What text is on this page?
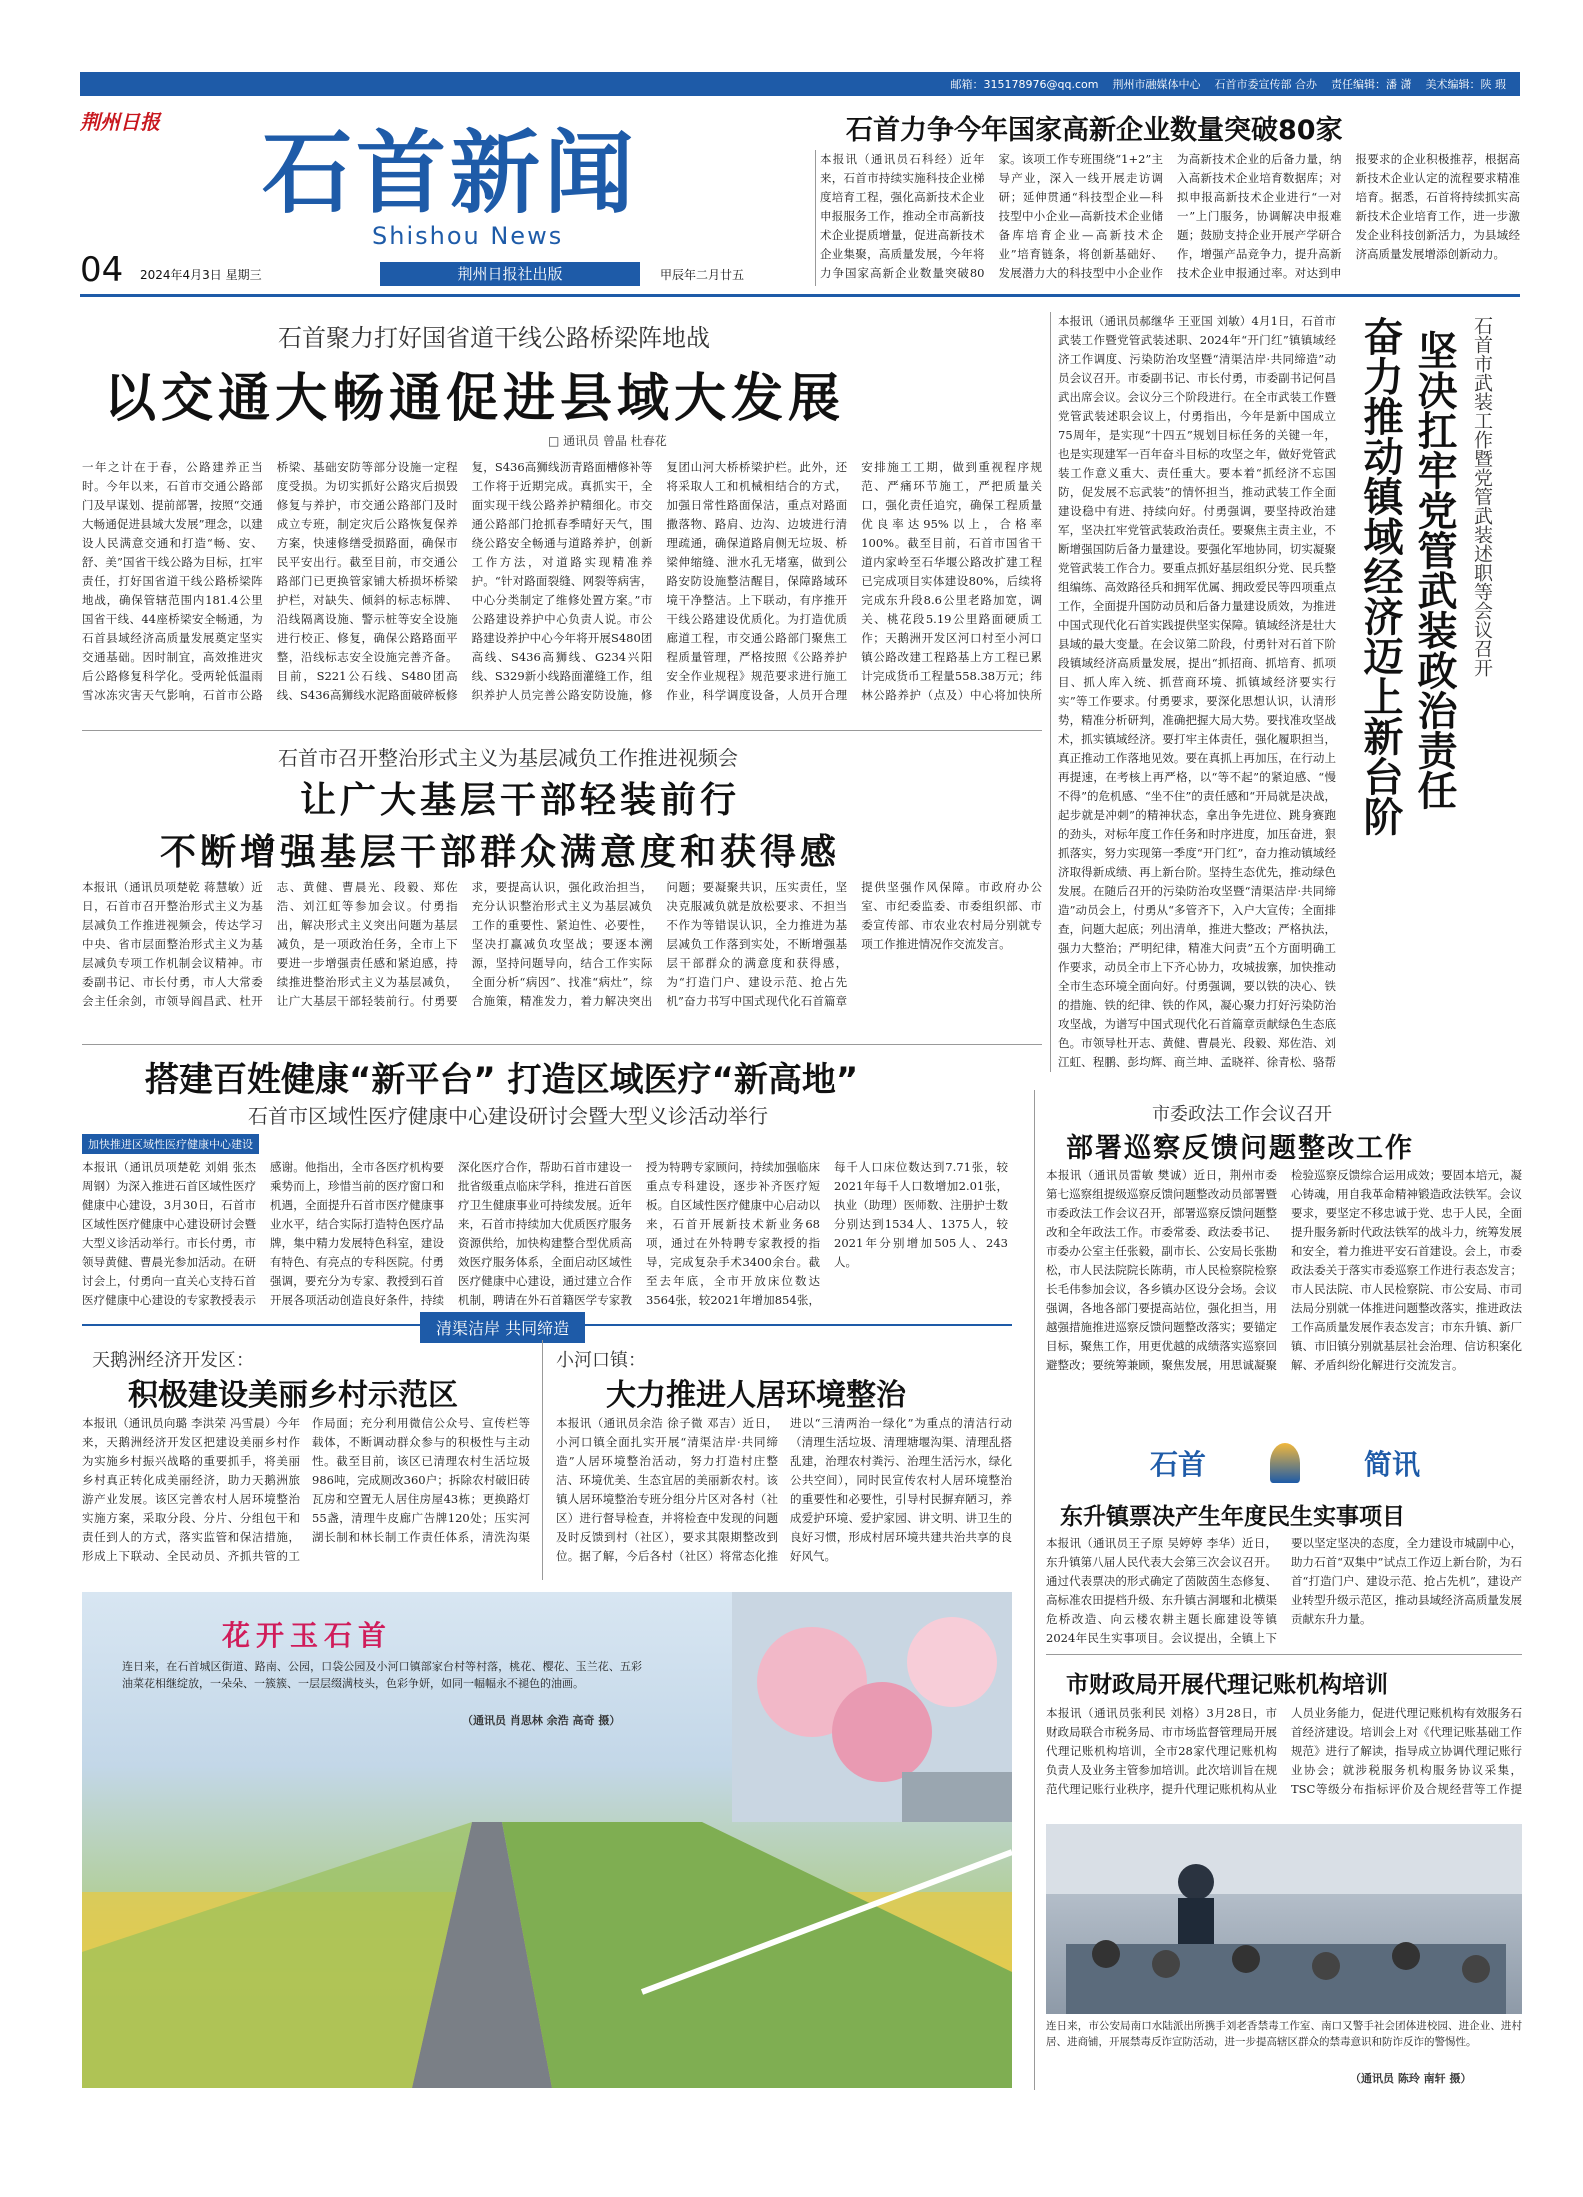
邮箱：315178976@qq.com 荆州市融媒体中心 石首市委宣传部 合办 责任编辑：潘 潇 美术编辑：陕 瑕
荆州日报 石首新闻
Shishou News
04 2024年4月3日 星期三	荆州日报社出版	甲辰年二月廿五
石首力争今年国家高新企业数量突破80家
本报讯（通讯员石科经）近年来，石首市持续实施科技企业梯度培育工程，强化高新技术企业申报服务工作，推动全市高新技术企业提质增量，促进高新技术企业集聚，高质量发展，今年将力争国家高新企业数量突破80家。该项工作专班围绕“1+2”主导产业，深入一线开展走访调研；延伸贯通“科技型企业—科技型中小企业—高新技术企业储备库培育企业—高新技术企业”培育链条，将创新基础好、发展潜力大的科技型中小企业作为高新技术企业的后备力量，纳入高新技术企业培育数据库；对拟申报高新技术企业进行“一对一”上门服务，协调解决申报难题；鼓励支持企业开展产学研合作，增强产品竞争力，提升高新技术企业申报通过率。对达到申报要求的企业积极推荐，根据高新技术企业认定的流程要求精准培育。据悉，石首将持续抓实高新技术企业培育工作，进一步激发企业科技创新活力，为县域经济高质量发展增添创新动力。
石首聚力打好国省道干线公路桥梁阵地战
以交通大畅通促进县域大发展
□ 通讯员 曾晶 杜春花
一年之计在于春，公路建养正当时。今年以来，石首市交通公路部门及早谋划、提前部署，按照“交通大畅通促进县域大发展”理念，以建设人民满意交通和打造“畅、安、舒、美”国省干线公路为目标，扛牢责任，打好国省道干线公路桥梁阵地战，确保管辖范围内181.4公里国省干线、44座桥梁安全畅通，为石首县域经济高质量发展奠定坚实交通基础。因时制宜，高效推进灾后公路修复科学化。受两轮低温雨雪冰冻灾害天气影响，石首市公路桥梁、基础安防等部分设施一定程度受损。为切实抓好公路灾后损毁修复与养护，市交通公路部门及时成立专班，制定灾后公路恢复保养方案，快速修缮受损路面，确保市民平安出行。截至目前，市交通公路部门已更换管家铺大桥损坏桥梁护栏，对缺失、倾斜的标志标牌、沿线隔离设施、警示桩等安全设施进行校正、修复，确保公路路面平整，沿线标志安全设施完善齐备。目前，S221公石线、S480团高线、S436高狮线水泥路面破碎板修复，S436高狮线沥青路面槽修补等工作将于近期完成。真抓实干，全面实现干线公路养护精细化。市交通公路部门抢抓春季晴好天气，围绕公路安全畅通与道路养护，创新工作方法，对道路实现精准养护。“针对路面裂缝、网裂等病害，中心分类制定了维修处置方案。”市公路建设养护中心负责人说。市公路建设养护中心今年将开展S480团高线、S436高狮线、G234兴阳线、S329新小线路面灌缝工作，组织养护人员完善公路安防设施，修复团山河大桥桥梁护栏。此外，还将采取人工和机械相结合的方式，加强日常性路面保洁，重点对路面撒落物、路肩、边沟、边坡进行清理疏通，确保道路肩侧无垃圾、桥梁伸缩缝、泄水孔无堵塞，做到公路安防设施整洁醒目，保障路域环境干净整洁。上下联动，有序推开干线公路建设优质化。为打造优质廊道工程，市交通公路部门聚焦工程质量管理，严格按照《公路养护安全作业规程》规范要求进行施工作业，科学调度设备，人员开合理安排施工工期，做到重视程序规范、严痛环节施工，严把质量关口，强化责任追究，确保工程质量优良率达95%以上，合格率100%。截至目前，石首市国省干道内家岭至石华堰公路改扩建工程已完成项目实体建设80%，后续将完成东升段8.6公里老路加宽，调关、桃花段5.19公里路面硬质工作；天鹅洲开发区河口村至小河口镇公路改建工程路基上方工程已累计完成货币工程量558.38万元；纬林公路养护（点及）中心将加快所
石首市召开整治形式主义为基层减负工作推进视频会
让广大基层干部轻装前行
不断增强基层干部群众满意度和获得感
本报讯（通讯员项楚乾 蒋慧敏）近日，石首市召开整治形式主义为基层减负工作推进视频会，传达学习中央、省市层面整治形式主义为基层减负专项工作机制会议精神。市委副书记、市长付勇，市人大常委会主任余剑，市领导阎昌武、杜开志、黄健、曹晨光、段毅、郑佐浩、刘江虹等参加会议。付勇指出，解决形式主义突出问题为基层减负，是一项政治任务，全市上下要进一步增强责任感和紧迫感，持续推进整治形式主义为基层减负，让广大基层干部轻装前行。付勇要求，要提高认识，强化政治担当，充分认识整治形式主义为基层减负工作的重要性、紧迫性、必要性，坚决打赢减负攻坚战；要逐本溯源，坚持问题导向，结合工作实际全面分析“病因”、找准“病灶”，综合施策，精准发力，着力解决突出问题；要凝聚共识，压实责任，坚决克服减负就是放松要求、不担当不作为等错误认识，全力推进为基层减负工作落到实处，不断增强基层干部群众的满意度和获得感，为“打造门户、建设示范、抢占先机”奋力书写中国式现代化石首篇章提供坚强作风保障。市政府办公室、市纪委监委、市委组织部、市委宣传部、市农业农村局分别就专项工作推进情况作交流发言。
本报讯（通讯员郝继华 王亚国 刘敏）4月1日，石首市武装工作暨党管武装述职、2024年“开门红”镇镇域经济工作调度、污染防治攻坚暨“清渠洁岸·共同缔造”动员会议召开。市委副书记、市长付勇，市委副书记何昌武出席会议。会议分三个阶段进行。在全市武装工作暨党管武装述职会议上，付勇指出，今年是新中国成立75周年，是实现“十四五”规划目标任务的关键一年，也是实现建军一百年奋斗目标的攻坚之年，做好党管武装工作意义重大、责任重大。要本着“抓经济不忘国防，促发展不忘武装”的情怀担当，推动武装工作全面建设稳中有进、持续向好。付勇强调，要坚持政治建军，坚决扛牢党管武装政治责任。要聚焦主责主业，不断增强国防后备力量建设。要强化军地协同，切实凝聚党管武装工作合力。要重点抓好基层组织分党、民兵整组编练、高效路径兵和拥军优属、拥政爱民等四项重点工作，全面提升国防动员和后备力量建设质效，为推进中国式现代化石首实践提供坚实保障。镇域经济是壮大县域的最大变量。在会议第二阶段，付勇针对石首下阶段镇域经济高质量发展，提出“抓招商、抓培育、抓项目、抓人库入统、抓营商环境、抓镇域经济要实行实”等工作要求。付勇要求，要深化思想认识，认清形势，精准分析研判，准确把握大局大势。要找准攻坚战术，抓实镇域经济。要打牢主体责任，强化履职担当，真正推动工作落地见效。要在真抓上再加压，在行动上再提速，在考核上再严格，以“等不起”的紧迫感、“慢不得”的危机感、“坐不住”的责任感和“开局就是决战，起步就是冲刺”的精神状态，拿出争先进位、跳身赛跑的劲头，对标年度工作任务和时序进度，加压奋进，狠抓落实，努力实现第一季度“开门红”，奋力推动镇域经济取得新成绩、再上新台阶。坚持生态优先，推动绿色发展。在随后召开的污染防治攻坚暨“清渠洁岸·共同缔造”动员会上，付勇从“多管齐下，入户大宣传；全面排查，问题大起底；列出清单，推进大整改；严格执法，强力大整治；严明纪律，精准大问责”五个方面明确工作要求，动员全市上下齐心协力，攻城拔寨，加快推动全市生态环境全面向好。付勇强调，要以铁的决心、铁的措施、铁的纪律、铁的作风，凝心聚力打好污染防治攻坚战，为谱写中国式现代化石首篇章贡献绿色生态底色。市领导杜开志、黄健、曹晨光、段毅、郑佐浩、刘江虹、程鹏、彭均辉、商兰坤、孟晓祥、徐青松、骆帮
奋力推动镇域经济迈上新台阶 坚决扛牢党管武装政治责任 石首市武装工作暨党管武装述职等会议召开
搭建百姓健康“新平台” 打造区域医疗“新高地”
石首市区域性医疗健康中心建设研讨会暨大型义诊活动举行
加快推进区域性医疗健康中心建设
本报讯（通讯员项楚乾 刘娟 张杰 周钢）为深入推进石首区域性医疗健康中心建设，3月30日，石首市区域性医疗健康中心建设研讨会暨大型义诊活动举行。市长付勇，市领导黄健、曹晨光参加活动。在研讨会上，付勇向一直关心支持石首医疗健康中心建设的专家教授表示感谢。他指出，全市各医疗机构要乘势而上，珍惜当前的医疗窗口和机遇，全面提升石首市医疗健康事业水平，结合实际打造特色医疗品牌，集中精力发展特色科室，建设有特色、有亮点的专科医院。付勇强调，要充分为专家、教授到石首开展各项活动创造良好条件，持续深化医疗合作，帮助石首市建设一批省级重点临床学科，推进石首医疗卫生健康事业可持续发展。近年来，石首市持续加大优质医疗服务资源供给，加快构建整合型优质高效医疗服务体系，全面启动区域性医疗健康中心建设，通过建立合作机制，聘请在外石首籍医学专家教授为特聘专家顾问，持续加强临床重点专科建设，逐步补齐医疗短板。自区域性医疗健康中心启动以来，石首开展新技术新业务68项，通过在外特聘专家教授的指导，完成复杂手术3400余台。截至去年底，全市开放床位数达3564张，较2021年增加854张，每千人口床位数达到7.71张，较2021年每千人口数增加2.01张，执业（助理）医师数、注册护士数分别达到1534人、1375人，较2021年分别增加505人、243人。
市委政法工作会议召开
部署巡察反馈问题整改工作
本报讯（通讯员雷敏 樊诚）近日，荆州市委第七巡察组提级巡察反馈问题整改动员部署暨市委政法工作会议召开，部署巡察反馈问题整改和全年政法工作。市委常委、政法委书记、市委办公室主任张毅，副市长、公安局长张勘松，市人民法院院长陈萌，市人民检察院检察长毛伟参加会议，各乡镇办区设分会场。会议强调，各地各部门要提高站位，强化担当，用越强措施推进巡察反馈问题整改落实；要锚定目标，聚焦工作，用更优越的成绩落实巡察回避整改；要统筹兼顾，聚焦发展，用思诚凝聚检验巡察反馈综合运用成效；要固本培元，凝心铸魂，用自我革命精神锻造政法铁军。会议要求，要坚定不移忠诚于党、忠于人民，全面提升服务新时代政法铁军的战斗力，统筹发展和安全，着力推进平安石首建设。会上，市委政法委关于落实市委巡察工作进行表态发言；市人民法院、市人民检察院、市公安局、市司法局分别就一体推进问题整改落实，推进政法工作高质量发展作表态发言；市东升镇、新厂镇、市旧镇分别就基层社会治理、信访积案化解、矛盾纠纷化解进行交流发言。
清渠洁岸 共同缔造
天鹅洲经济开发区：
积极建设美丽乡村示范区
本报讯（通讯员向璐 李洪荣 冯雪晨）今年来，天鹅洲经济开发区把建设美丽乡村作为实施乡村振兴战略的重要抓手，将美丽乡村真正转化成美丽经济，助力天鹅洲旅游产业发展。该区完善农村人居环境整治实施方案，采取分段、分片、分组包干和责任到人的方式，落实监管和保洁措施，形成上下联动、全民动员、齐抓共管的工作局面；充分利用微信公众号、宣传栏等载体，不断调动群众参与的积极性与主动性。截至目前，该区已清理农村生活垃圾986吨，完成厕改360户；拆除农村破旧砖瓦房和空置无人居住房屋43栋；更换路灯55盏，清理牛皮廊广告牌120处；压实河湖长制和林长制工作责任体系，清洗沟渠
小河口镇：
大力推进人居环境整治
本报讯（通讯员余浩 徐子微 邓吉）近日，小河口镇全面扎实开展“清渠洁岸·共同缔造”人居环境整治活动，努力打造村庄整洁、环境优美、生态宜居的美丽新农村。该镇人居环境整治专班分组分片区对各村（社区）进行督导检查，并将检查中发现的问题及时反馈到村（社区），要求其限期整改到位。据了解，今后各村（社区）将常态化推进以“三清两治一绿化”为重点的清洁行动（清理生活垃圾、清理塘堰沟渠、清理乱搭乱建，治理农村粪污、治理生活污水，绿化公共空间），同时民宣传农村人居环境整治的重要性和必要性，引导村民摒弃陋习，养成爱护环境、爱护家园、讲文明、讲卫生的良好习惯，形成村居环境共建共治共享的良好风气。
花开玉石首
连日来，在石首城区街道、路南、公园，口袋公园及小河口镇部家台村等村落，桃花、樱花、玉兰花、五彩油菜花相继绽放，一朵朵、一簇簇、一层层缀满枝头，色彩争妍，如同一幅幅永不褪色的油画。
（通讯员 肖思林 余浩 高奇 摄）
石首	简讯
东升镇票决产生年度民生实事项目
本报讯（通讯员王子原 吴婷婷 李华）近日，东升镇第八届人民代表大会第三次会议召开。通过代表票决的形式确定了茵陂茵生态修复、高标准农田提档升级、东升镇古洞堰和北横渠危桥改造、向云楼农耕主题长廊建设等镇2024年民生实事项目。会议提出，全镇上下要以坚定坚决的态度，全力建设市城副中心，助力石首“双集中”试点工作迈上新台阶，为石首“打造门户、建设示范、抢占先机”，建设产业转型升级示范区，推动县域经济高质量发展贡献东升力量。
市财政局开展代理记账机构培训
本报讯（通讯员张利民 刘格）3月28日，市财政局联合市税务局、市市场监督管理局开展代理记账机构培训，全市28家代理记账机构负责人及业务主管参加培训。此次培训旨在规范代理记账行业秩序，提升代理记账机构从业人员业务能力，促进代理记账机构有效服务石首经济建设。培训会上对《代理记账基础工作规范》进行了解读，指导成立协调代理记账行业协会；就涉税服务机构服务协议采集，TSC等级分布指标评价及合规经营等工作提
连日来，市公安局南口水陆派出所携手刘老香禁毒工作室、南口又警手社会团体进校园、进企业、进村居、进商铺，开展禁毒反诈宣防活动，进一步提高辖区群众的禁毒意识和防诈反诈的警惕性。
（通讯员 陈玲 南轩 摄）
